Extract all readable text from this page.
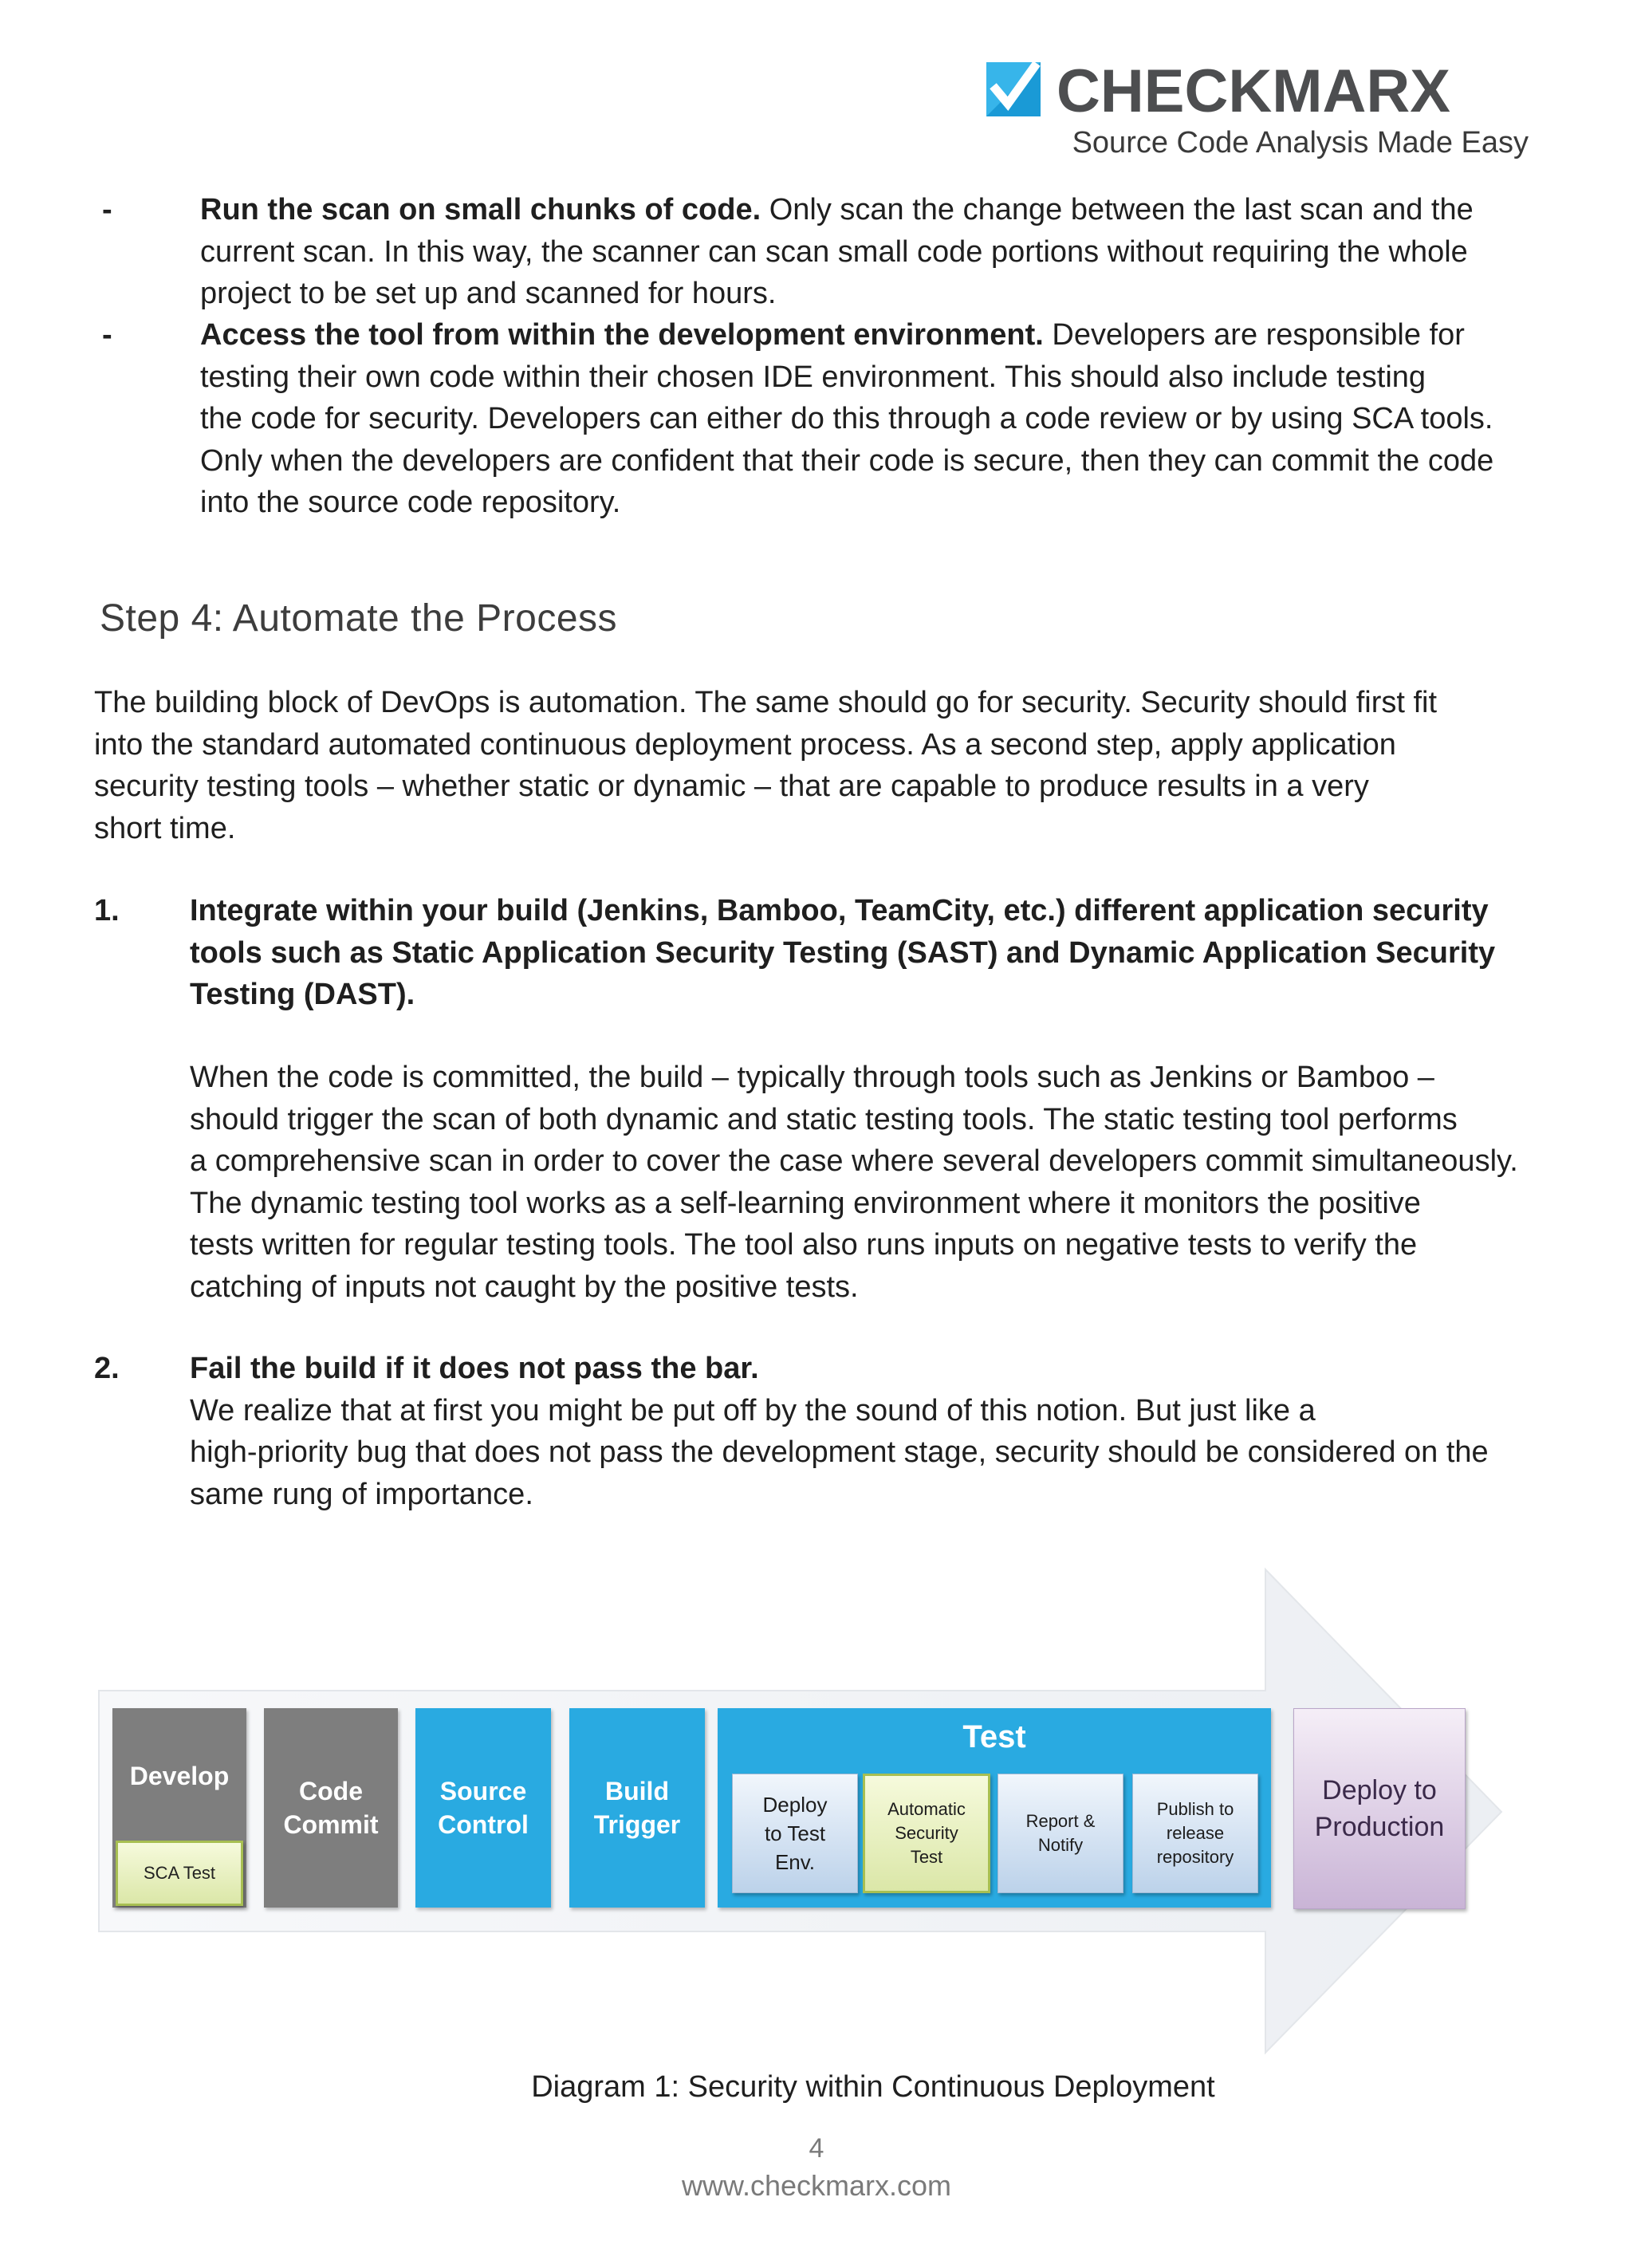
CHECKMARX
Source Code Analysis Made Easy
-	Run the scan on small chunks of code. Only scan the change between the last scan and the
current scan. In this way, the scanner can scan small code portions without requiring the whole
project to be set up and scanned for hours.
-	Access the tool from within the development environment. Developers are responsible for
testing their own code within their chosen IDE environment. This should also include testing
the code for security. Developers can either do this through a code review or by using SCA tools.
Only when the developers are confident that their code is secure, then they can commit the code
into the source code repository.
Step 4: Automate the Process
The building block of DevOps is automation. The same should go for security. Security should first fit
into the standard automated continuous deployment process. As a second step, apply application
security testing tools – whether static or dynamic – that are capable to produce results in a very
short time.
1. Integrate within your build (Jenkins, Bamboo, TeamCity, etc.) different application security
tools such as Static Application Security Testing (SAST) and Dynamic Application Security
Testing (DAST).
When the code is committed, the build – typically through tools such as Jenkins or Bamboo –
should trigger the scan of both dynamic and static testing tools. The static testing tool performs
a comprehensive scan in order to cover the case where several developers commit simultaneously.
The dynamic testing tool works as a self-learning environment where it monitors the positive
tests written for regular testing tools. The tool also runs inputs on negative tests to verify the
catching of inputs not caught by the positive tests.
2. Fail the build if it does not pass the bar.
We realize that at first you might be put off by the sound of this notion. But just like a
high-priority bug that does not pass the development stage, security should be considered on the
same rung of importance.
Develop
SCA Test
Code
Commit
Source
Control
Build
Trigger
Test
Deploy
to Test
Env.
Automatic
Security
Test
Report &
Notify
Publish to
release
repository
Deploy to
Production
Diagram 1: Security within Continuous Deployment
4
www.checkmarx.com
